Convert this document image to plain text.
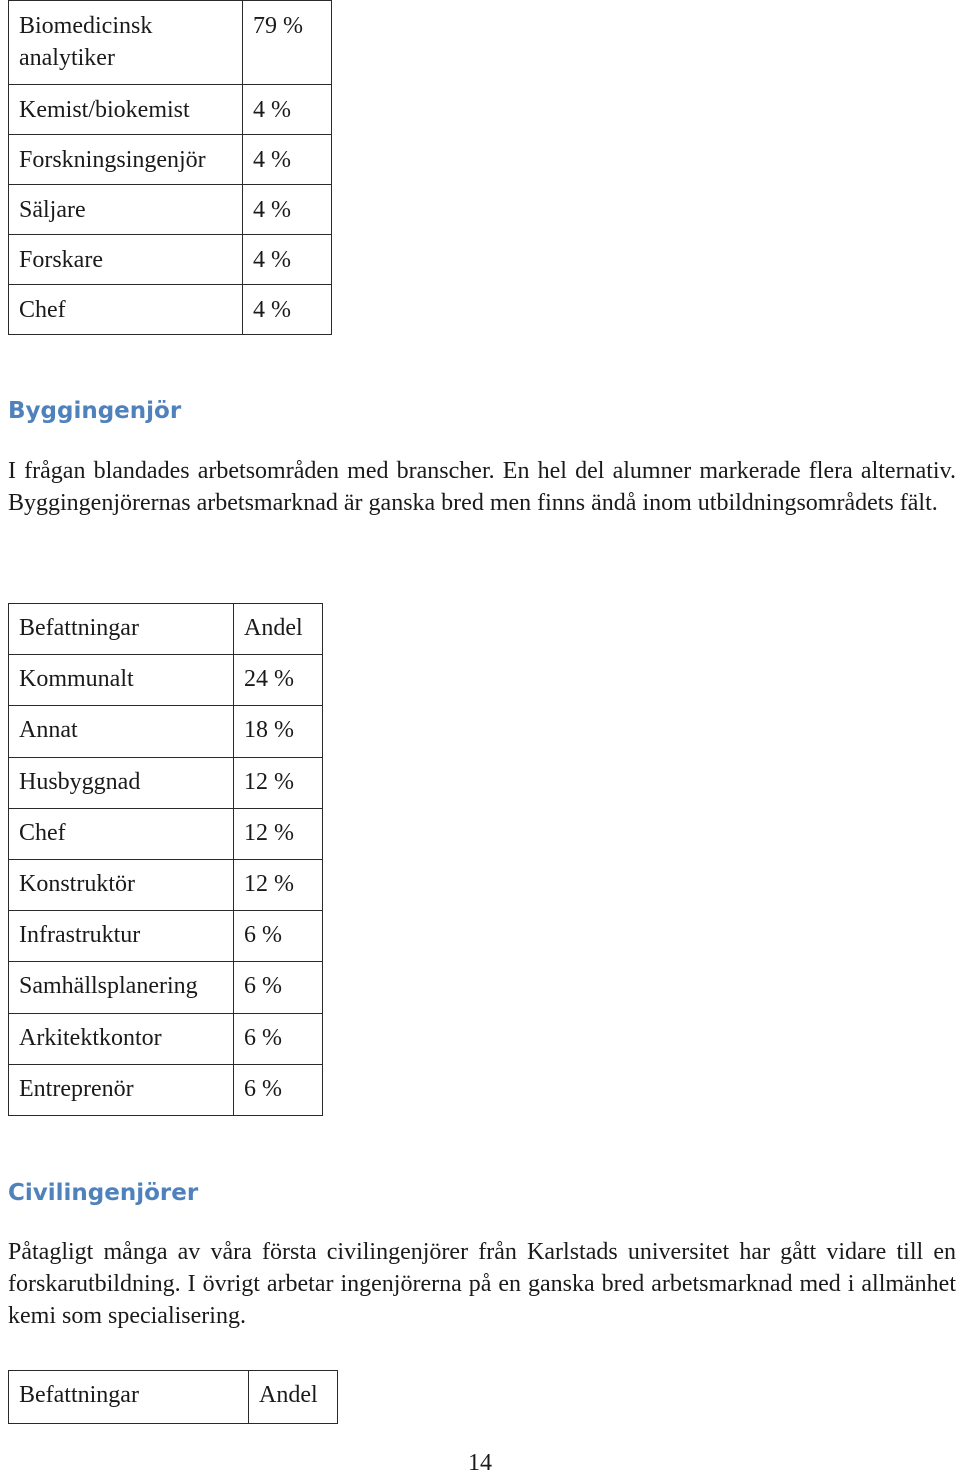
Biomedicinsk analytiker	79 %
Kemist/biokemist	4 %
Forskningsingenjör	4 %
Säljare	4 %
Forskare	4 %
Chef	4 %
Byggingenjör

I frågan blandades arbetsområden med branscher. En hel del alumner markerade flera alternativ. Byggingenjörernas arbetsmarknad är ganska bred men finns ändå inom utbildningsområdets fält.

Befattningar	Andel
Kommunalt	24 %
Annat	18 %
Husbyggnad	12 %
Chef	12 %
Konstruktör	12 %
Infrastruktur	6 %
Samhällsplanering	6 %
Arkitektkontor	6 %
Entreprenör	6 %
Civilingenjörer

Påtagligt många av våra första civilingenjörer från Karlstads universitet har gått vidare till en forskarutbildning. I övrigt arbetar ingenjörerna på en ganska bred arbetsmarknad med i allmänhet kemi som specialisering.

Befattningar	Andel

14
